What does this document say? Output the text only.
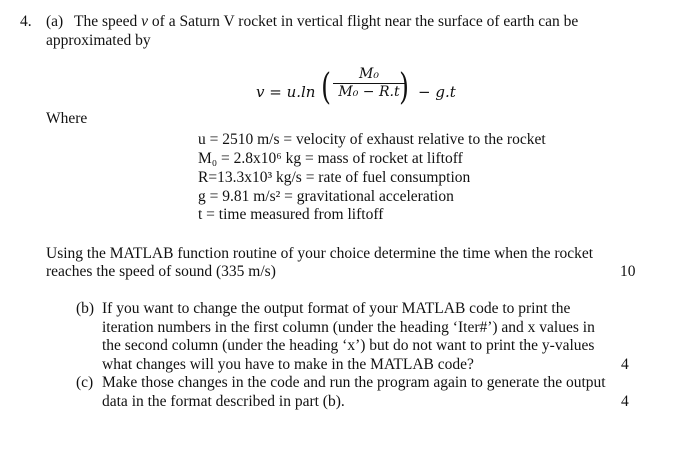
4. (a) The speed v of a Saturn V rocket in vertical flight near the surface of earth can be
approximated by
v = u.ln ( M₀
M₀ − R.t ) − g.t
Where
u = 2510 m/s = velocity of exhaust relative to the rocket
M₀ = 2.8x10⁶ kg = mass of rocket at liftoff
R=13.3x10³ kg/s = rate of fuel consumption
g = 9.81 m/s² = gravitational acceleration
t = time measured from liftoff
Using the MATLAB function routine of your choice determine the time when the rocket
reaches the speed of sound (335 m/s)	10
(b) If you want to change the output format of your MATLAB code to print the
iteration numbers in the first column (under the heading ‘Iter#’) and x values in
the second column (under the heading ‘x’) but do not want to print the y-values
what changes will you have to make in the MATLAB code?	4
(c) Make those changes in the code and run the program again to generate the output
data in the format described in part (b).	4
